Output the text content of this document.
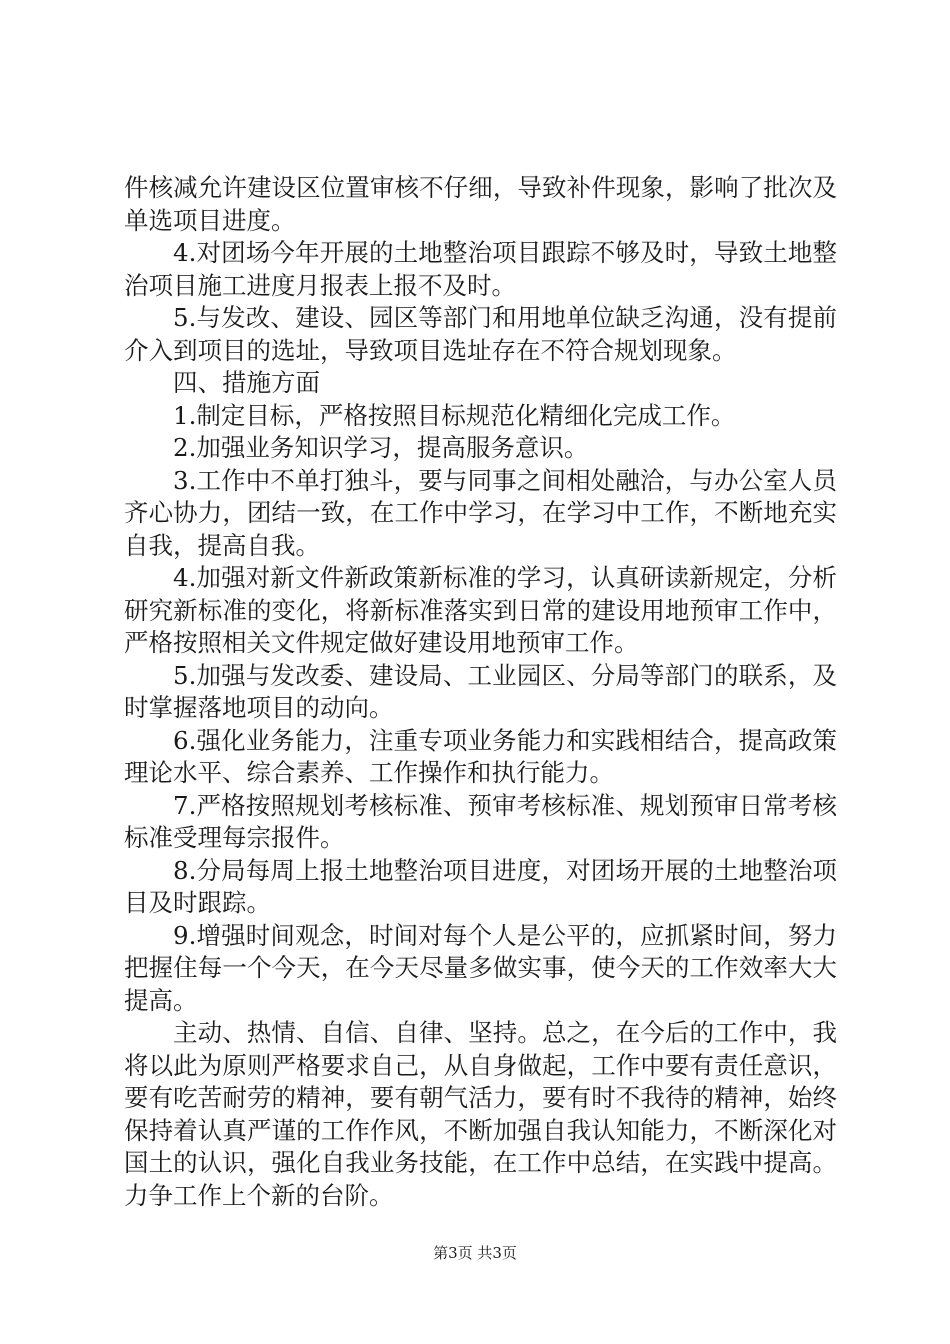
件核减允许建设区位置审核不仔细，导致补件现象，影响了批次及单选项目进度。

4.对团场今年开展的土地整治项目跟踪不够及时，导致土地整治项目施工进度月报表上报不及时。

5.与发改、建设、园区等部门和用地单位缺乏沟通，没有提前介入到项目的选址，导致项目选址存在不符合规划现象。

四、措施方面

1.制定目标，严格按照目标规范化精细化完成工作。

2.加强业务知识学习，提高服务意识。

3.工作中不单打独斗，要与同事之间相处融洽，与办公室人员齐心协力，团结一致，在工作中学习，在学习中工作，不断地充实自我，提高自我。

4.加强对新文件新政策新标准的学习，认真研读新规定，分析研究新标准的变化，将新标准落实到日常的建设用地预审工作中，严格按照相关文件规定做好建设用地预审工作。

5.加强与发改委、建设局、工业园区、分局等部门的联系，及时掌握落地项目的动向。

6.强化业务能力，注重专项业务能力和实践相结合，提高政策理论水平、综合素养、工作操作和执行能力。

7.严格按照规划考核标准、预审考核标准、规划预审日常考核标准受理每宗报件。

8.分局每周上报土地整治项目进度，对团场开展的土地整治项目及时跟踪。

9.增强时间观念，时间对每个人是公平的，应抓紧时间，努力把握住每一个今天，在今天尽量多做实事，使今天的工作效率大大提高。

主动、热情、自信、自律、坚持。总之，在今后的工作中，我将以此为原则严格要求自己，从自身做起，工作中要有责任意识，要有吃苦耐劳的精神，要有朝气活力，要有时不我待的精神，始终保持着认真严谨的工作作风，不断加强自我认知能力，不断深化对国土的认识，强化自我业务技能，在工作中总结，在实践中提高。力争工作上个新的台阶。

第3页 共3页
